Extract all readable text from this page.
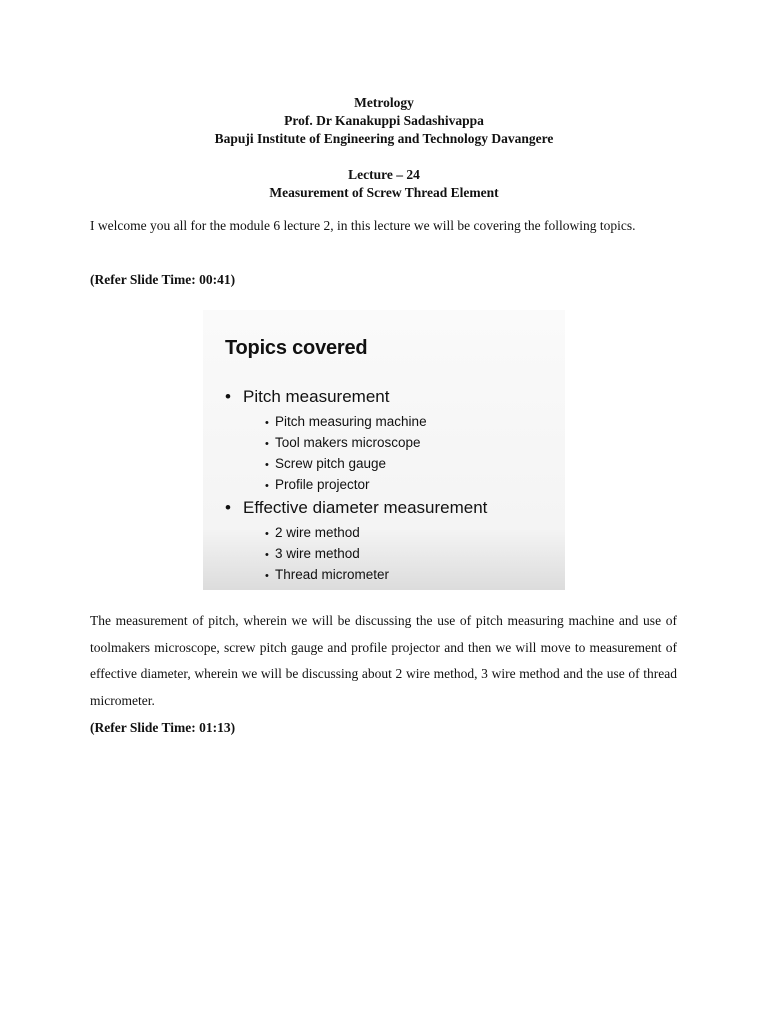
Metrology
Prof. Dr Kanakuppi Sadashivappa
Bapuji Institute of Engineering and Technology Davangere
Lecture – 24
Measurement of Screw Thread Element
I welcome you all for the module 6 lecture 2, in this lecture we will be covering the following topics.
(Refer Slide Time: 00:41)
Topics covered
• Pitch measurement
• Pitch measuring machine
• Tool makers microscope
• Screw pitch gauge
• Profile projector
• Effective diameter measurement
• 2 wire method
• 3 wire method
• Thread micrometer
The measurement of pitch, wherein we will be discussing the use of pitch measuring machine and use of toolmakers microscope, screw pitch gauge and profile projector and then we will move to measurement of effective diameter, wherein we will be discussing about 2 wire method, 3 wire method and the use of thread micrometer.
(Refer Slide Time: 01:13)
